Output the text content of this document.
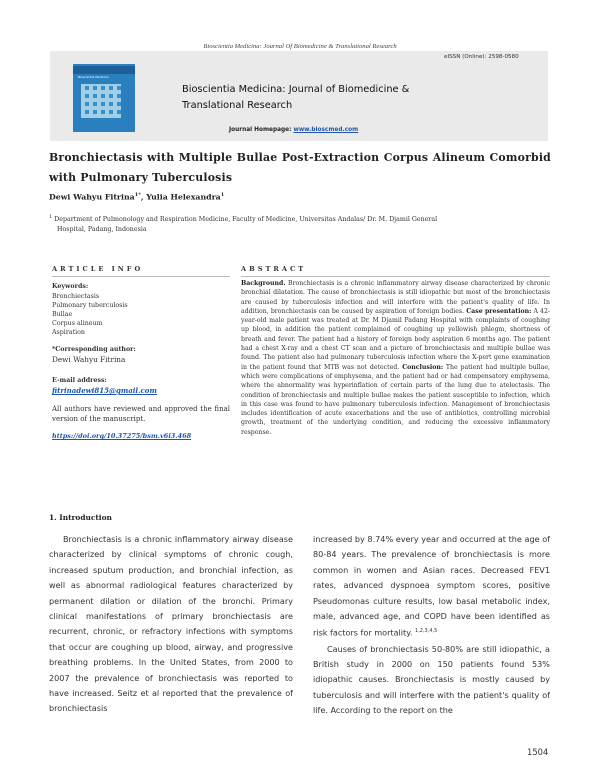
Bioscientia Medicina: Journal Of Biomedicine & Translational Research
Bioscientia Medicina
eISSN (Online): 2598-0580
Bioscientia Medicina: Journal of Biomedicine &
Translational Research
Journal Homepage: www.bioscmed.com
Bronchiectasis with Multiple Bullae Post-Extraction Corpus Alineum Comorbid with Pulmonary Tuberculosis
Dewi Wahyu Fitrina$^{1*}$, Yulia Helexandra$^1$
$^1$ Department of Pulmonology and Respiration Medicine, Faculty of Medicine, Universitas Andalas/ Dr. M. Djamil General
Hospital, Padang, Indonesia
ARTICLE INFO	ABSTRACT
Keywords:
Bronchiectasis
Pulmonary tuberculosis
Bullae
Corpus alineum
Aspiration
*Corresponding author:
Dewi Wahyu Fitrina
E-mail address:
fitrinadewi815@gmail.com
All authors have reviewed and approved the final version of the manuscript.
https://doi.org/10.37275/bsm.v6i3.468
Background. Bronchiectasis is a chronic inflammatory airway disease characterized by chronic bronchial dilatation. The cause of bronchiectasis is still idiopathic but most of the bronchiectasis are caused by tuberculosis infection and will interfere with the patient's quality of life. In addition, bronchiectasis can be caused by aspiration of foreign bodies. Case presentation: A 42-year-old male patient was treated at Dr. M Djamil Padang Hospital with complaints of coughing up blood, in addition the patient complained of coughing up yellowish phlegm, shortness of breath and fever. The patient had a history of foreign body aspiration 6 months ago. The patient had a chest X-ray and a chest CT scan and a picture of bronchiectasis and multiple bullae was found. The patient also had pulmonary tuberculosis infection where the X-pert gene examination in the patient found that MTB was not detected. Conclusion: The patient had multiple bullae, which were complications of emphysema, and the patient had or had compensatory emphysema, where the abnormality was hyperinflation of certain parts of the lung due to atelectasis. The condition of bronchiectasis and multiple bullae makes the patient susceptible to infection, which in this case was found to have pulmonary tuberculosis infection. Management of bronchiectasis includes identification of acute exacerbations and the use of antibiotics, controlling microbial growth, treatment of the underlying condition, and reducing the excessive inflammatory response.
1. Introduction
Bronchiectasis is a chronic inflammatory airway disease characterized by clinical symptoms of chronic cough, increased sputum production, and bronchial infection, as well as abnormal radiological features characterized by permanent dilation or dilation of the bronchi. Primary clinical manifestations of primary bronchiectasis are recurrent, chronic, or refractory infections with symptoms that occur are coughing up blood, airway, and progressive breathing problems. In the United States, from 2000 to 2007 the prevalence of bronchiectasis was reported to have increased. Seitz et al reported that the prevalence of bronchiectasis
increased by 8.74% every year and occurred at the age of 80-84 years. The prevalence of bronchiectasis is more common in women and Asian races. Decreased FEV1 rates, advanced dyspnoea symptom scores, positive Pseudomonas culture results, low basal metabolic index, male, advanced age, and COPD have been identified as risk factors for mortality. $^{1,2,3,4,5}$
Causes of bronchiectasis 50-80% are still idiopathic, a British study in 2000 on 150 patients found 53% idiopathic causes. Bronchiectasis is mostly caused by tuberculosis and will interfere with the patient's quality of life. According to the report on the
1504
